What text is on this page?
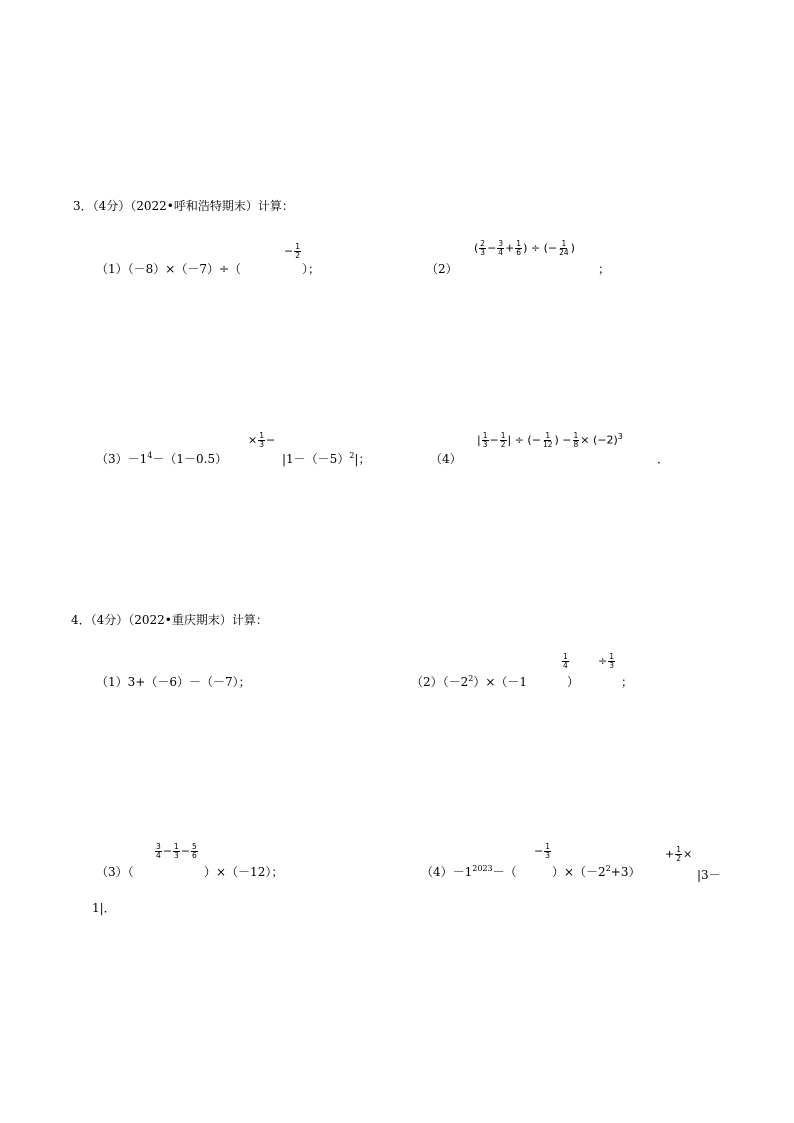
3．（4分）（2022•呼和浩特期末）计算：
（1）（－8）×（－7）÷（
− $\frac{1}{2}$
）；	（2）
( $\frac{2}{3} - \frac{3}{4} + \frac{1}{6}$ ) ÷ (− $\frac{1}{24}$ )
；
$(3)-1^4-(1-0.5)$
× $\frac{1}{3}$ −
$|1-(-5)^2|$；	（4）
| $\frac{1}{3} - \frac{1}{2}$ | ÷ (− $\frac{1}{12}$ ) − $\frac{1}{8} \times (-2)^3$
．
4．（4分）（2022•重庆期末）计算：
（1）3+（－6）－（－7）；	$(2)(-2^2)\times(-1$
$\frac{1}{4}$
）
÷ $\frac{1}{3}$
；
（3）（
$\frac{3}{4} - \frac{1}{3} - \frac{5}{6}$
）×（－12）；	$(4)-1^{2023}-$（
− $\frac{1}{3}$
）$\times(-2^2+3)$
+ $\frac{1}{2}$ ×
|3－
1|．
